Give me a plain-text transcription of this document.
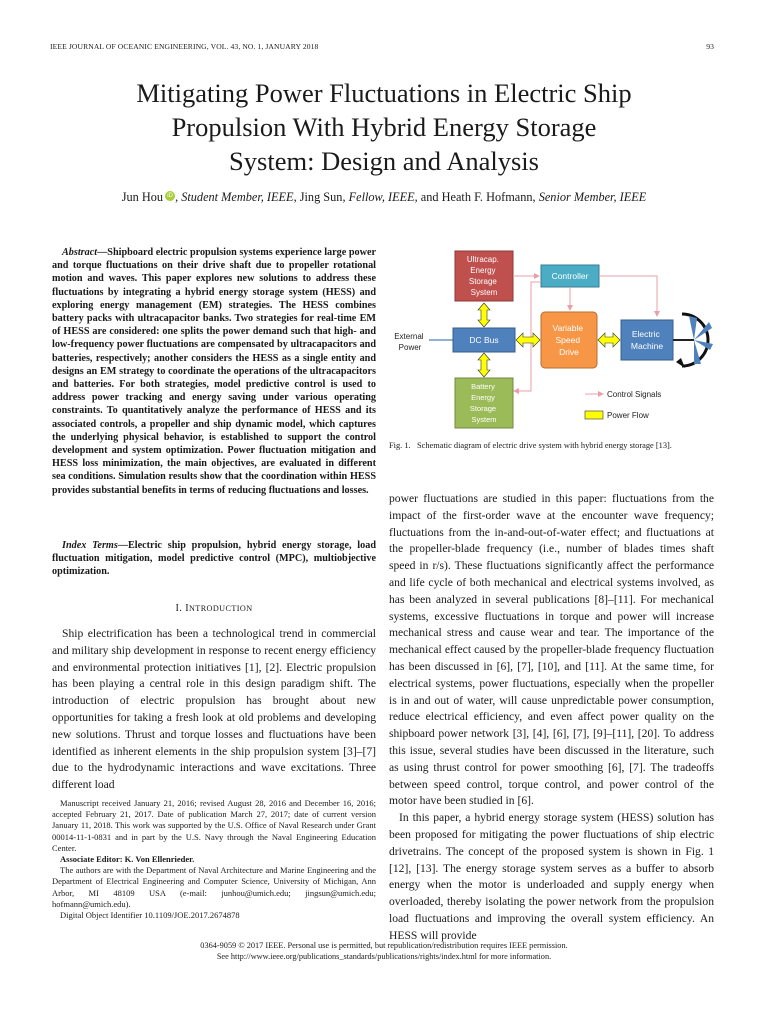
IEEE JOURNAL OF OCEANIC ENGINEERING, VOL. 43, NO. 1, JANUARY 2018	93
Mitigating Power Fluctuations in Electric Ship
Propulsion With Hybrid Energy Storage
System: Design and Analysis
Jun Hou iD , Student Member, IEEE, Jing Sun, Fellow, IEEE, and Heath F. Hofmann, Senior Member, IEEE

Abstract—Shipboard electric propulsion systems experience large power and torque fluctuations on their drive shaft due to propeller rotational motion and waves. This paper explores new solutions to address these fluctuations by integrating a hybrid energy storage system (HESS) and exploring energy management (EM) strategies. The HESS combines battery packs with ultracapacitor banks. Two strategies for real-time EM of HESS are considered: one splits the power demand such that high- and low-frequency power fluctuations are compensated by ultracapacitors and batteries, respectively; another considers the HESS as a single entity and designs an EM strategy to coordinate the operations of the ultracapacitors and batteries. For both strategies, model predictive control is used to address power tracking and energy saving under various operating constraints. To quantitatively analyze the performance of HESS and its associated controls, a propeller and ship dynamic model, which captures the underlying physical behavior, is established to support the control development and system optimization. Power fluctuation mitigation and HESS loss minimization, the main objectives, are evaluated in different sea conditions. Simulation results show that the coordination within HESS provides substantial benefits in terms of reducing fluctuations and losses.

Index Terms—Electric ship propulsion, hybrid energy storage, load fluctuation mitigation, model predictive control (MPC), multiobjective optimization.

I. INTRODUCTION

Ship electrification has been a technological trend in commercial and military ship development in response to recent energy efficiency and environmental protection initiatives [1], [2]. Electric propulsion has been playing a central role in this design paradigm shift. The introduction of electric propulsion has brought about new opportunities for taking a fresh look at old problems and developing new solutions. Thrust and torque losses and fluctuations have been identified as inherent elements in the ship propulsion system [3]–[7] due to the hydrodynamic interactions and wave excitations. Three different load

Manuscript received January 21, 2016; revised August 28, 2016 and December 16, 2016; accepted February 21, 2017. Date of publication March 27, 2017; date of current version January 11, 2018. This work was supported by the U.S. Office of Naval Research under Grant 00014-11-1-0831 and in part by the U.S. Navy through the Naval Engineering Education Center.

Associate Editor: K. Von Ellenrieder.

The authors are with the Department of Naval Architecture and Marine Engineering and the Department of Electrical Engineering and Computer Science, University of Michigan, Ann Arbor, MI 48109 USA (e-mail: junhou@umich.edu; jingsun@umich.edu; hofmann@umich.edu).

Digital Object Identifier 10.1109/JOE.2017.2674878

Ultracap. Energy Storage System
Controller
External Power
DC Bus
Variable Speed Drive
Electric Machine
Battery Energy Storage System
Control Signals
Power Flow
Fig. 1. Schematic diagram of electric drive system with hybrid energy storage [13].

power fluctuations are studied in this paper: fluctuations from the impact of the first-order wave at the encounter wave frequency; fluctuations from the in-and-out-of-water effect; and fluctuations at the propeller-blade frequency (i.e., number of blades times shaft speed in r/s). These fluctuations significantly affect the performance and life cycle of both mechanical and electrical systems involved, as has been analyzed in several publications [8]–[11]. For mechanical systems, excessive fluctuations in torque and power will increase mechanical stress and cause wear and tear. The importance of the mechanical effect caused by the propeller-blade frequency fluctuation has been discussed in [6], [7], [10], and [11]. At the same time, for electrical systems, power fluctuations, especially when the propeller is in and out of water, will cause unpredictable power consumption, reduce electrical efficiency, and even affect power quality on the shipboard power network [3], [4], [6], [7], [9]–[11], [20]. To address this issue, several studies have been discussed in the literature, such as using thrust control for power smoothing [6], [7]. The tradeoffs between speed control, torque control, and power control of the motor have been studied in [6].

In this paper, a hybrid energy storage system (HESS) solution has been proposed for mitigating the power fluctuations of ship electric drivetrains. The concept of the proposed system is shown in Fig. 1 [12], [13]. The energy storage system serves as a buffer to absorb energy when the motor is underloaded and supply energy when overloaded, thereby isolating the power network from the propulsion load fluctuations and improving the overall system efficiency. An HESS will provide

0364-9059 © 2017 IEEE. Personal use is permitted, but republication/redistribution requires IEEE permission.
See http://www.ieee.org/publications_standards/publications/rights/index.html for more information.
